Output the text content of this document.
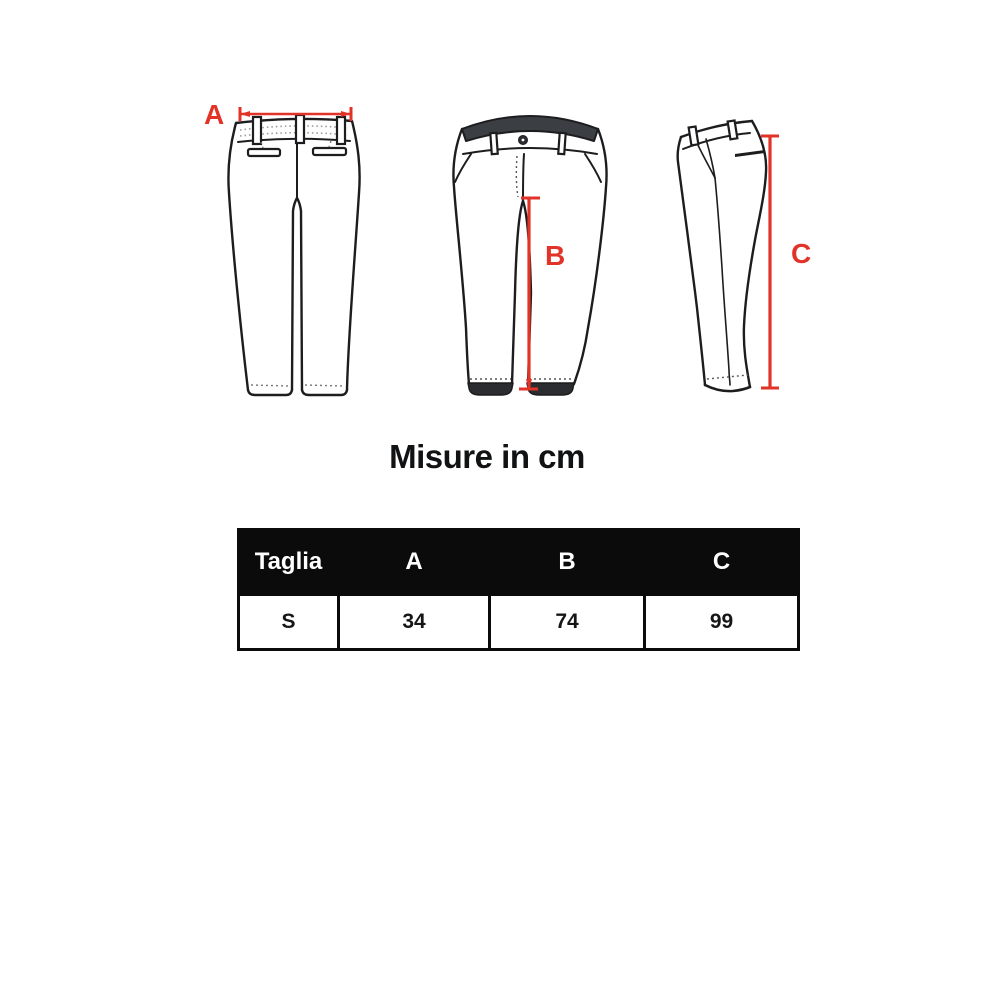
A
B	C
Misure in cm
Taglia	A	B	C
S	34	74	99
